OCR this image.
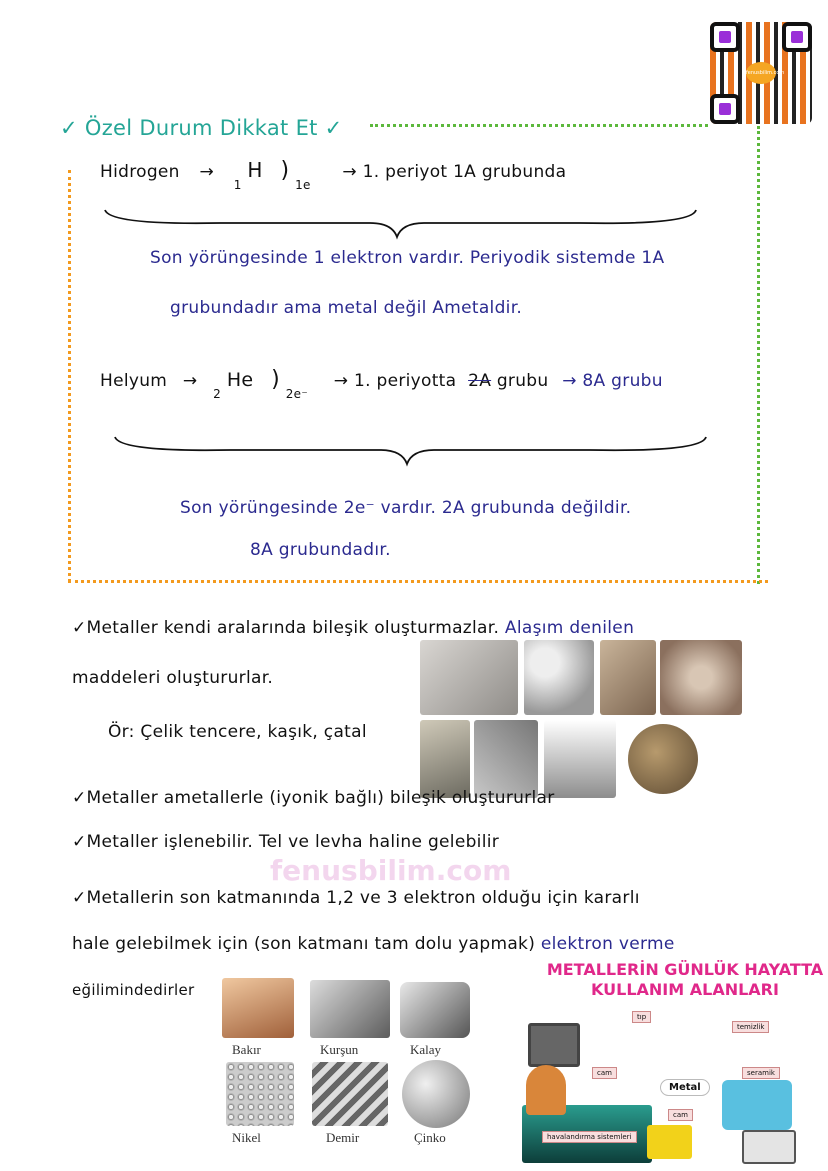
fenusbilim.com
✓ Özel Durum Dikkat Et ✓
Hidrogen → $_1$ H ) $_{1e}$ → 1. periyot 1A grubunda
Son yörüngesinde 1 elektron vardır. Periyodik sistemde 1A
grubundadır ama metal değil Ametaldir.
Helyum → $_2$ He ) $_{2e^-}$ → 1. periyotta 2A grubu → 8A grubu
Son yörüngesinde 2e⁻ vardır. 2A grubunda değildir.
8A grubundadır.
✓Metaller kendi aralarında bileşik oluşturmazlar. Alaşım denilen
maddeleri oluştururlar.
Ör: Çelik tencere, kaşık, çatal
✓Metaller ametallerle (iyonik bağlı) bileşik oluştururlar
✓Metaller işlenebilir. Tel ve levha haline gelebilir
fenusbilim.com
✓Metallerin son katmanında 1,2 ve 3 elektron olduğu için kararlı
hale gelebilmek için (son katmanı tam dolu yapmak) elektron verme
eğilimindedirler
Bakır	Kurşun	Kalay
Nikel	Demir	Çinko
METALLERİN GÜNLÜK HAYATTA
KULLANIM ALANLARI
Metal
tıp
temizlik
cam	seramik
cam
havalandırma sistemleri
